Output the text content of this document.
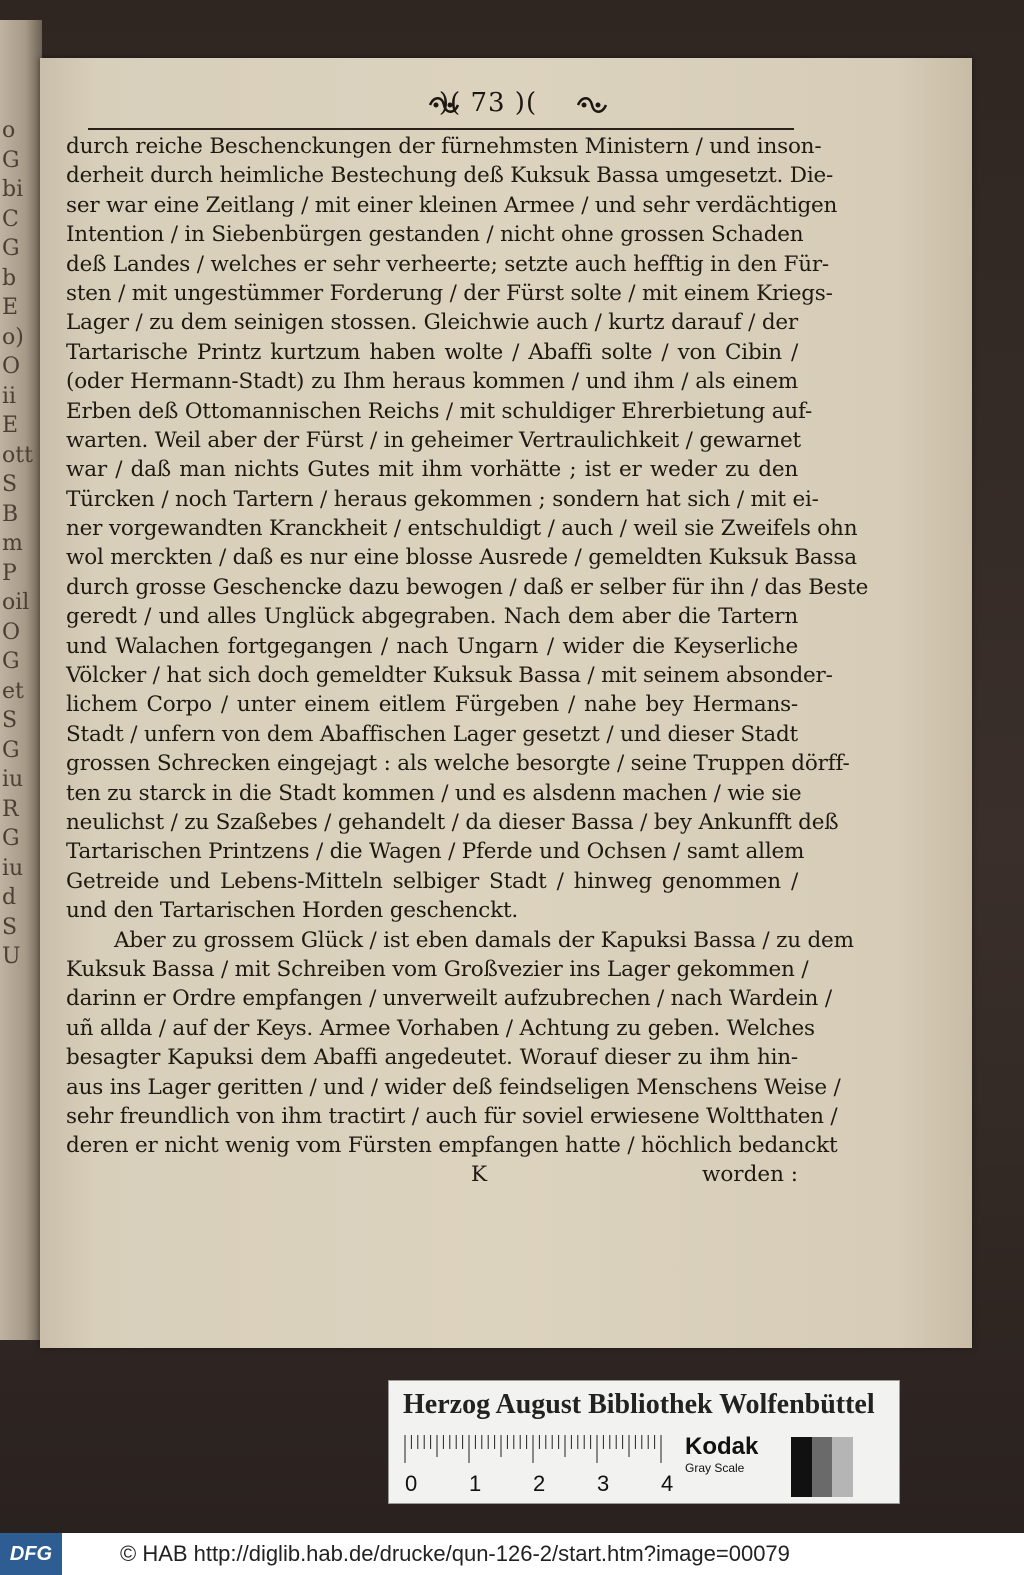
o
G
bi
C
G
b
E
o)
O
ii
E
ott
S
B
m
P
oil
O
G
et
S
G
iu
R
G
iu
d
S
U
)( 73 )(
durch reiche Beschenckungen der fürnehmsten Ministern / und inson-
derheit durch heimliche Bestechung deß Kuksuk Bassa umgesetzt. Die-
ser war eine Zeitlang / mit einer kleinen Armee / und sehr verdächtigen
Intention / in Siebenbürgen gestanden / nicht ohne grossen Schaden
deß Landes / welches er sehr verheerte; setzte auch hefftig in den Für-
sten / mit ungestümmer Forderung / der Fürst solte / mit einem Kriegs-
Lager / zu dem seinigen stossen. Gleichwie auch / kurtz darauf / der
Tartarische Printz kurtzum haben wolte / Abaffi solte / von Cibin /
(oder Hermann-Stadt) zu Ihm heraus kommen / und ihm / als einem
Erben deß Ottomannischen Reichs / mit schuldiger Ehrerbietung auf-
warten. Weil aber der Fürst / in geheimer Vertraulichkeit / gewarnet
war / daß man nichts Gutes mit ihm vorhätte ; ist er weder zu den
Türcken / noch Tartern / heraus gekommen ; sondern hat sich / mit ei-
ner vorgewandten Kranckheit / entschuldigt / auch / weil sie Zweifels ohn
wol merckten / daß es nur eine blosse Ausrede / gemeldten Kuksuk Bassa
durch grosse Geschencke dazu bewogen / daß er selber für ihn / das Beste
geredt / und alles Unglück abgegraben. Nach dem aber die Tartern
und Walachen fortgegangen / nach Ungarn / wider die Keyserliche
Völcker / hat sich doch gemeldter Kuksuk Bassa / mit seinem absonder-
lichem Corpo / unter einem eitlem Fürgeben / nahe bey Hermans-
Stadt / unfern von dem Abaffischen Lager gesetzt / und dieser Stadt
grossen Schrecken eingejagt : als welche besorgte / seine Truppen dörff-
ten zu starck in die Stadt kommen / und es alsdenn machen / wie sie
neulichst / zu Szaßebes / gehandelt / da dieser Bassa / bey Ankunfft deß
Tartarischen Printzens / die Wagen / Pferde und Ochsen / samt allem
Getreide und Lebens-Mitteln selbiger Stadt / hinweg genommen /
und den Tartarischen Horden geschenckt.
Aber zu grossem Glück / ist eben damals der Kapuksi Bassa / zu dem
Kuksuk Bassa / mit Schreiben vom Großvezier ins Lager gekommen /
darinn er Ordre empfangen / unverweilt aufzubrechen / nach Wardein /
uñ allda / auf der Keys. Armee Vorhaben / Achtung zu geben. Welches
besagter Kapuksi dem Abaffi angedeutet. Worauf dieser zu ihm hin-
aus ins Lager geritten / und / wider deß feindseligen Menschens Weise /
sehr freundlich von ihm tractirt / auch für soviel erwiesene Woltthaten /
deren er nicht wenig vom Fürsten empfangen hatte / höchlich bedanckt
K	worden :
Herzog August Bibliothek Wolfenbüttel
0 1 2 3 4
Kodak
Gray Scale
DFG	© HAB http://diglib.hab.de/drucke/qun-126-2/start.htm?image=00079
